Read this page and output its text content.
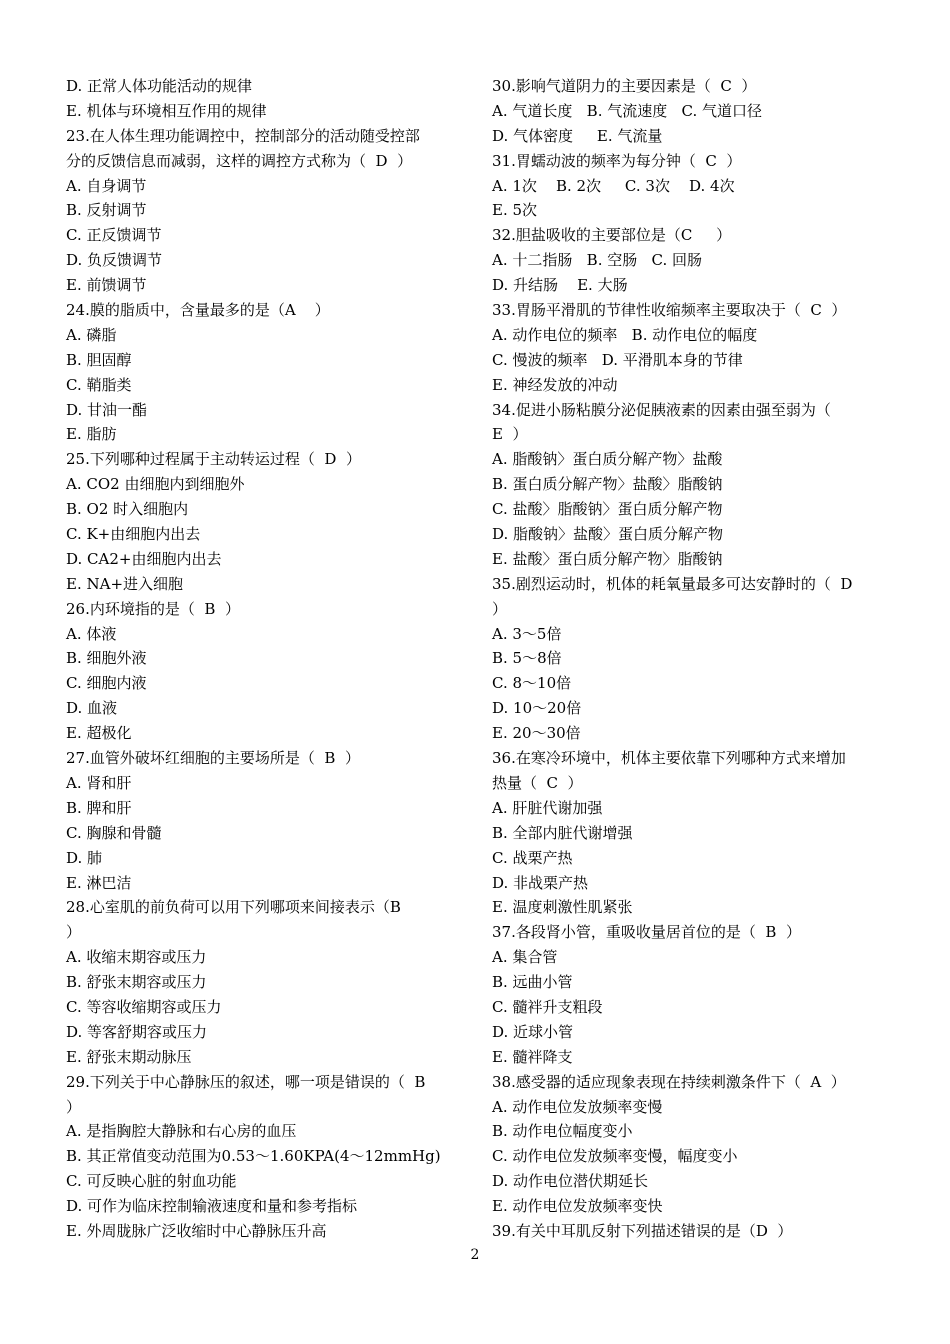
D. 正常人体功能活动的规律
E. 机体与环境相互作用的规律
23.在人体生理功能调控中，控制部分的活动随受控部
分的反馈信息而减弱，这样的调控方式称为（  D  ）
A. 自身调节
B. 反射调节
C. 正反馈调节
D. 负反馈调节
E. 前馈调节
24.膜的脂质中，含量最多的是（A    ）
A. 磷脂
B. 胆固醇
C. 鞘脂类
D. 甘油一酯
E. 脂肪
25.下列哪种过程属于主动转运过程（  D  ）
A. CO2 由细胞内到细胞外
B. O2 时入细胞内
C. K+由细胞内出去
D. CA2+由细胞内出去
E. NA+进入细胞
26.内环境指的是（  B  ）
A. 体液
B. 细胞外液
C. 细胞内液
D. 血液
E. 超极化
27.血管外破坏红细胞的主要场所是（  B  ）
A. 肾和肝
B. 脾和肝
C. 胸腺和骨髓
D. 肺
E. 淋巴洁
28.心室肌的前负荷可以用下列哪项来间接表示（B
）
A. 收缩末期容或压力
B. 舒张末期容或压力
C. 等容收缩期容或压力
D. 等客舒期容或压力
E. 舒张末期动脉压
29.下列关于中心静脉压的叙述，哪一项是错误的（  B
）
A. 是指胸腔大静脉和右心房的血压
B. 其正常值变动范围为0.53～1.60KPA(4～12mmHg)
C. 可反映心脏的射血功能
D. 可作为临床控制输液速度和量和参考指标
E. 外周胧脉广泛收缩时中心静脉压升高
30.影响气道阴力的主要因素是（  C  ）
A. 气道长度   B. 气流速度   C. 气道口径
D. 气体密度     E. 气流量
31.胃蠕动波的频率为每分钟（  C  ）
A. 1次    B. 2次     C. 3次    D. 4次
E. 5次
32.胆盐吸收的主要部位是（C     ）
A. 十二指肠   B. 空肠   C. 回肠
D. 升结肠    E. 大肠
33.胃肠平滑肌的节律性收缩频率主要取决于（  C  ）
A. 动作电位的频率   B. 动作电位的幅度
C. 慢波的频率   D. 平滑肌本身的节律
E. 神经发放的冲动
34.促进小肠粘膜分泌促胰液素的因素由强至弱为（
E  ）
A. 脂酸钠〉蛋白质分解产物〉盐酸
B. 蛋白质分解产物〉盐酸〉脂酸钠
C. 盐酸〉脂酸钠〉蛋白质分解产物
D. 脂酸钠〉盐酸〉蛋白质分解产物
E. 盐酸〉蛋白质分解产物〉脂酸钠
35.剧烈运动时，机体的耗氧量最多可达安静时的（  D
）
A. 3～5倍
B. 5～8倍
C. 8～10倍
D. 10～20倍
E. 20～30倍
36.在寒冷环境中，机体主要依靠下列哪种方式来增加
热量（  C  ）
A. 肝脏代谢加强
B. 全部内脏代谢增强
C. 战栗产热
D. 非战栗产热
E. 温度刺激性肌紧张
37.各段肾小管，重吸收量居首位的是（  B  ）
A. 集合管
B. 远曲小管
C. 髓袢升支粗段
D. 近球小管
E. 髓袢降支
38.感受器的适应现象表现在持续刺激条件下（  A  ）
A. 动作电位发放频率变慢
B. 动作电位幅度变小
C. 动作电位发放频率变慢，幅度变小
D. 动作电位潜伏期延长
E. 动作电位发放频率变快
39.有关中耳肌反射下列描述错误的是（D  ）
2
